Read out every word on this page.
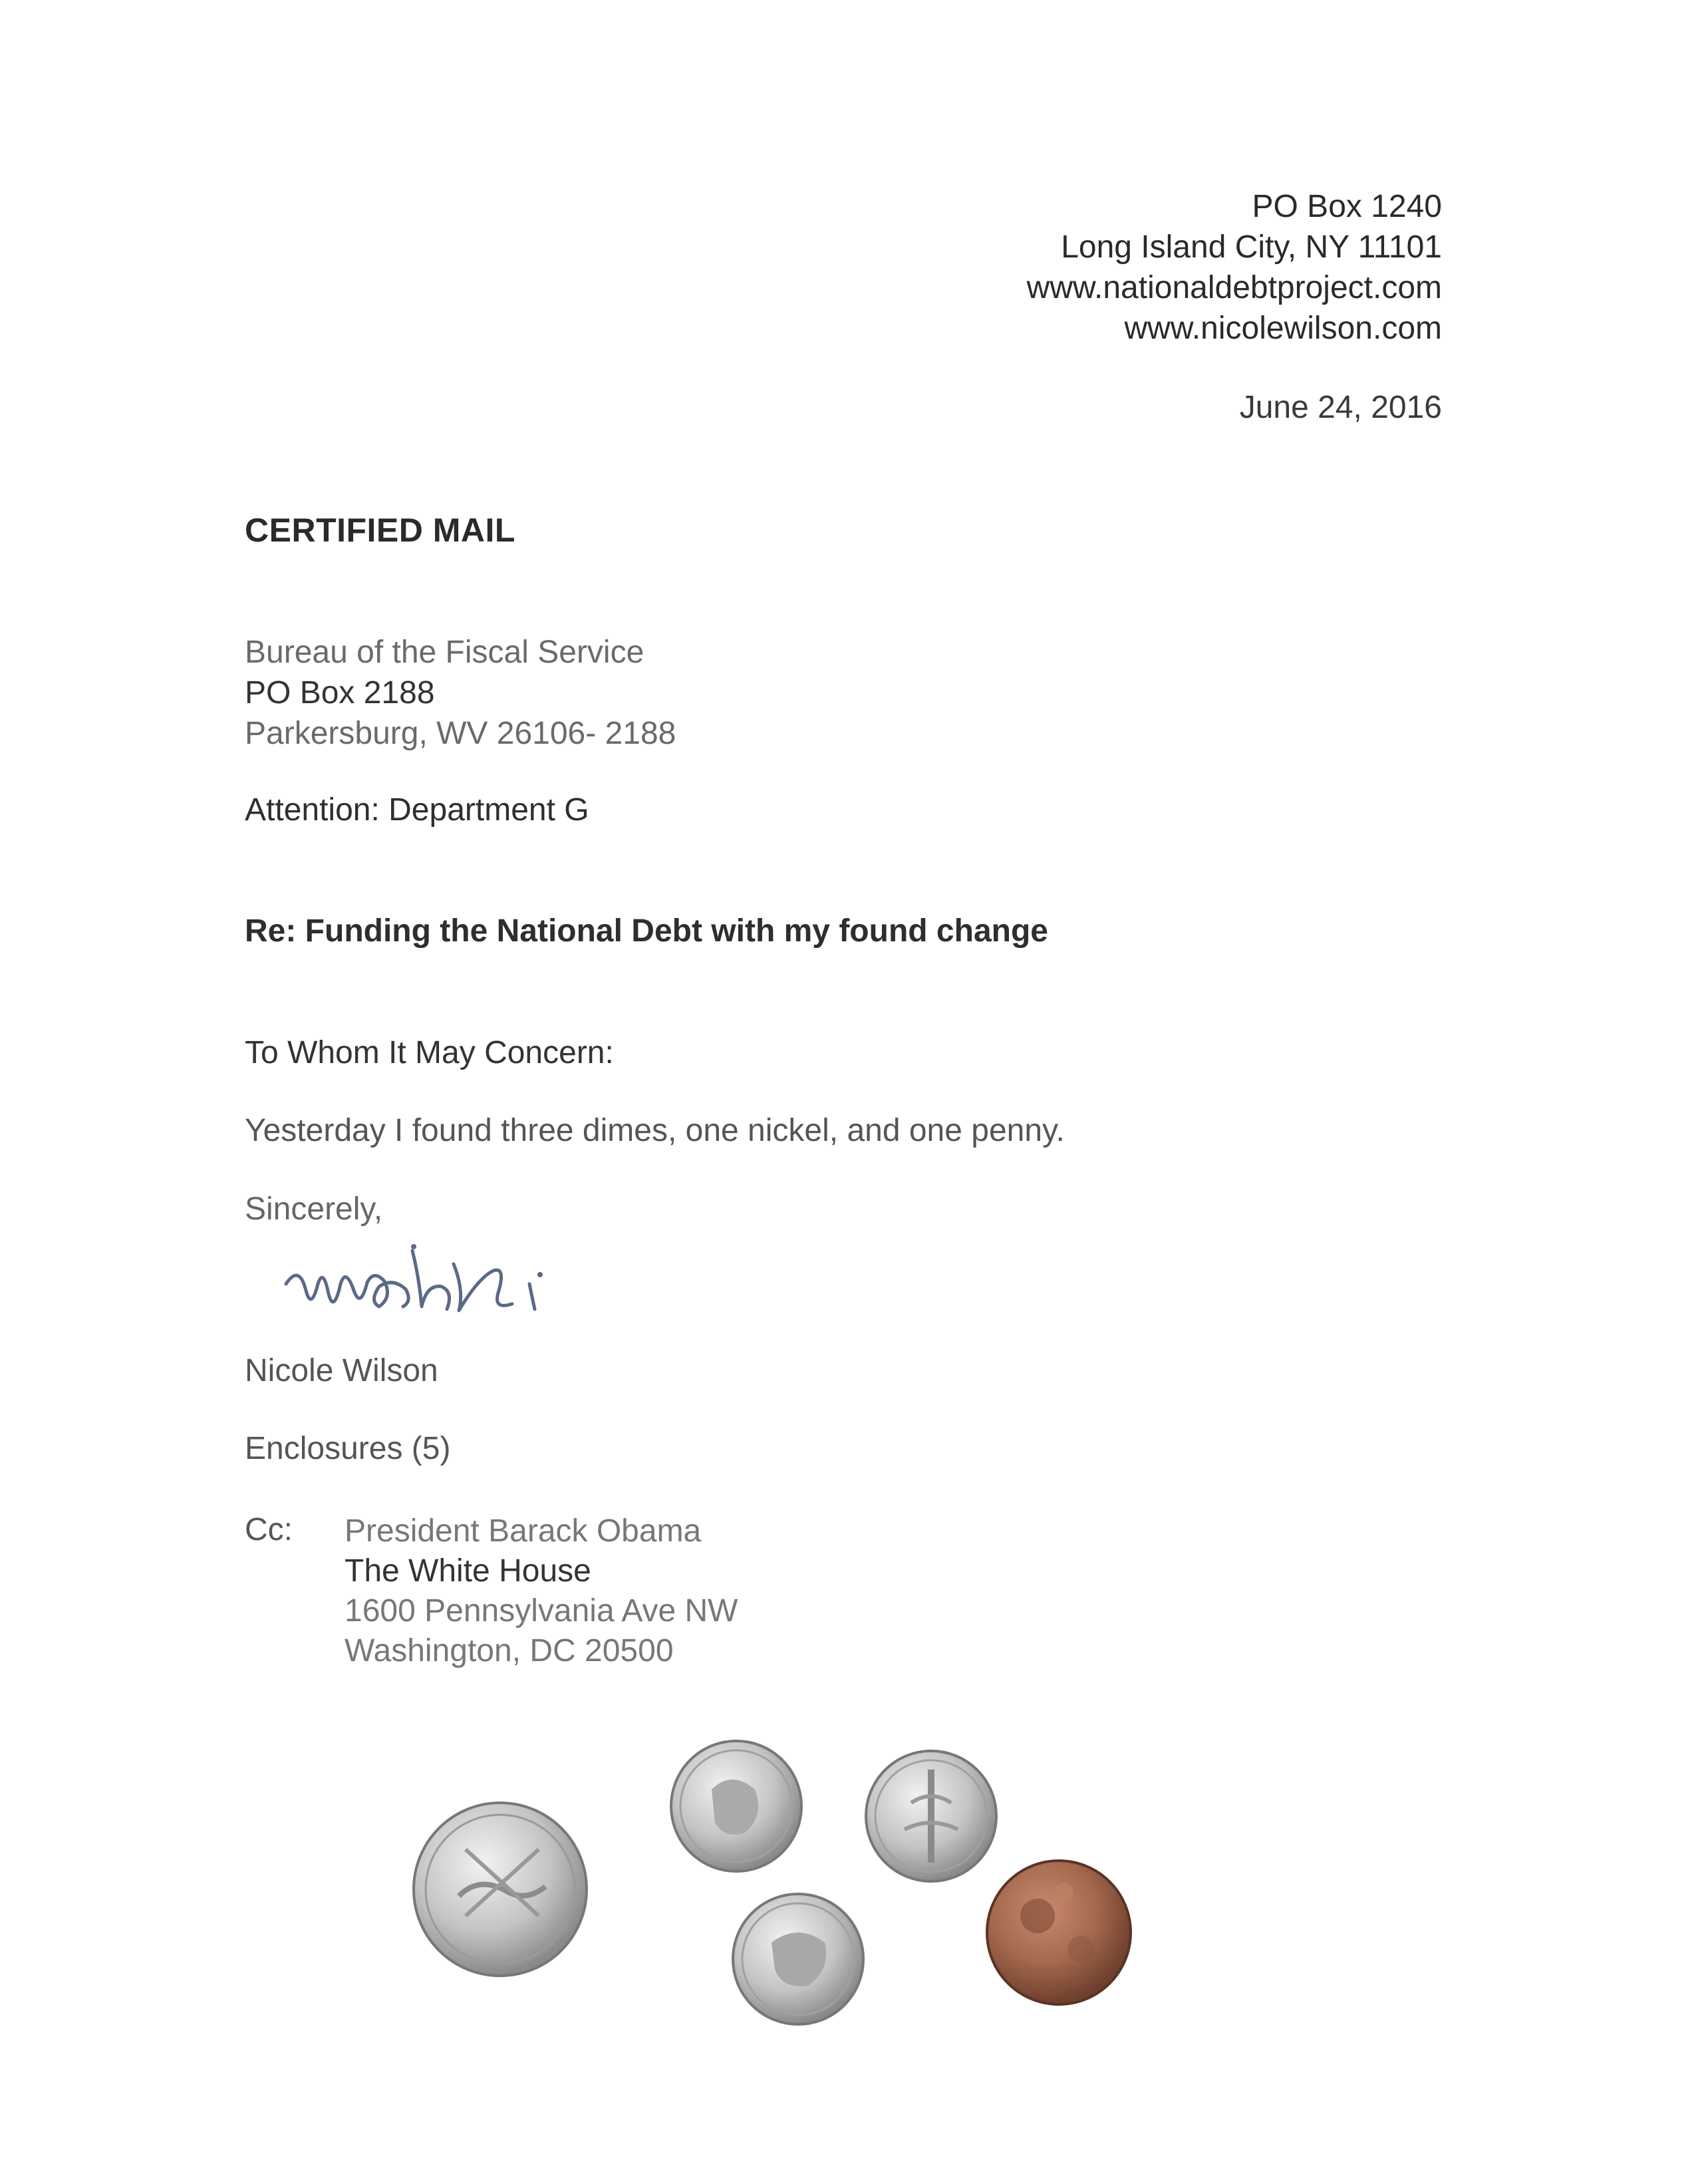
PO Box 1240
Long Island City, NY 11101
www.nationaldebtproject.com
www.nicolewilson.com
June 24, 2016
CERTIFIED MAIL
Bureau of the Fiscal Service
PO Box 2188
Parkersburg, WV 26106- 2188
Attention: Department G
Re: Funding the National Debt with my found change
To Whom It May Concern:
Yesterday I found three dimes, one nickel, and one penny.
Sincerely,
Nicole Wilson
Enclosures (5)
Cc: President Barack Obama
The White House
1600 Pennsylvania Ave NW
Washington, DC 20500
